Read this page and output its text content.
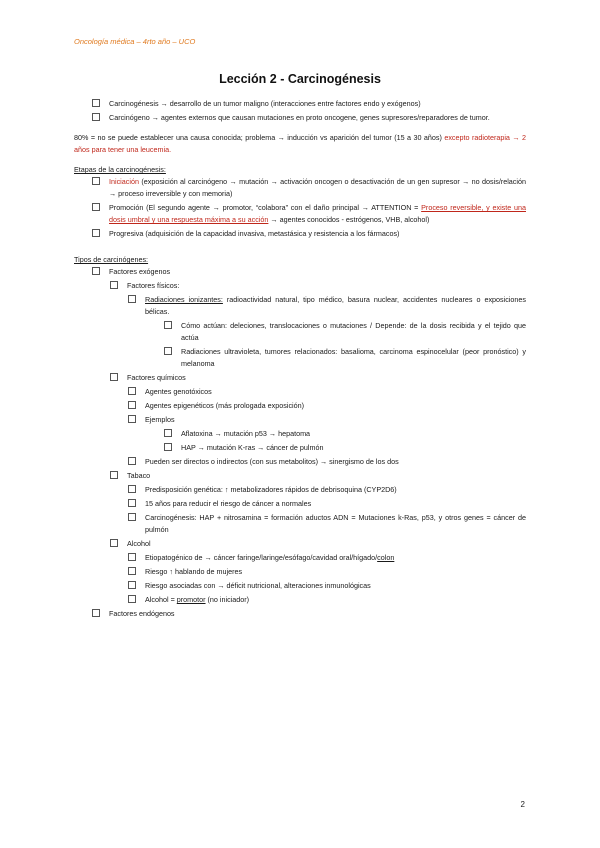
Oncología médica – 4rto año – UCO
Lección 2 - Carcinogénesis
Carcinogénesis → desarrollo de un tumor maligno (interacciones entre factores endo y exógenos)
Carcinógeno → agentes externos que causan mutaciones en proto oncogene, genes supresores/reparadores de tumor.
80% = no se puede establecer una causa conocida; problema → inducción vs aparición del tumor (15 a 30 años) excepto radioterapia → 2 años para tener una leucemia.
Etapas de la carcinogénesis:
Iniciación (exposición al carcinógeno → mutación → activación oncogen o desactivación de un gen supresor → no dosis/relación → proceso irreversible y con memoria)
Promoción (El segundo agente → promotor, “colabora” con el daño principal → ATTENTION = Proceso reversible, y existe una dosis umbral y una respuesta máxima a su acción → agentes conocidos - estrógenos, VHB, alcohol)
Progresiva (adquisición de la capacidad invasiva, metastásica y resistencia a los fármacos)
Tipos de carcinógenes:
Factores exógenos
Factores físicos:
Radiaciones ionizantes: radioactividad natural, tipo médico, basura nuclear, accidentes nucleares o exposiciones bélicas.
Cómo actúan: deleciones, translocaciones o mutaciones / Depende: de la dosis recibida y el tejido que actúa
Radiaciones ultravioleta, tumores relacionados: basalioma, carcinoma espinocelular (peor pronóstico) y melanoma
Factores químicos
Agentes genotóxicos
Agentes epigenéticos (más prologada exposición)
Ejemplos
Aflatoxina → mutación p53 → hepatoma
HAP → mutación K-ras → cáncer de pulmón
Pueden ser directos o indirectos (con sus metabolitos) → sinergismo de los dos
Tabaco
Predisposición genética: ↑ metabolizadores rápidos de debrisoquina (CYP2D6)
15 años para reducir el riesgo de cáncer a normales
Carcinogénesis: HAP + nitrosamina = formación aductos ADN = Mutaciones k-Ras, p53, y otros genes = cáncer de pulmón
Alcohol
Etiopatogénico de → cáncer faringe/laringe/esófago/cavidad oral/hígado/colon
Riesgo ↑ hablando de mujeres
Riesgo asociadas con → déficit nutricional, alteraciones inmunológicas
Alcohol = promotor (no iniciador)
Factores endógenos
2
